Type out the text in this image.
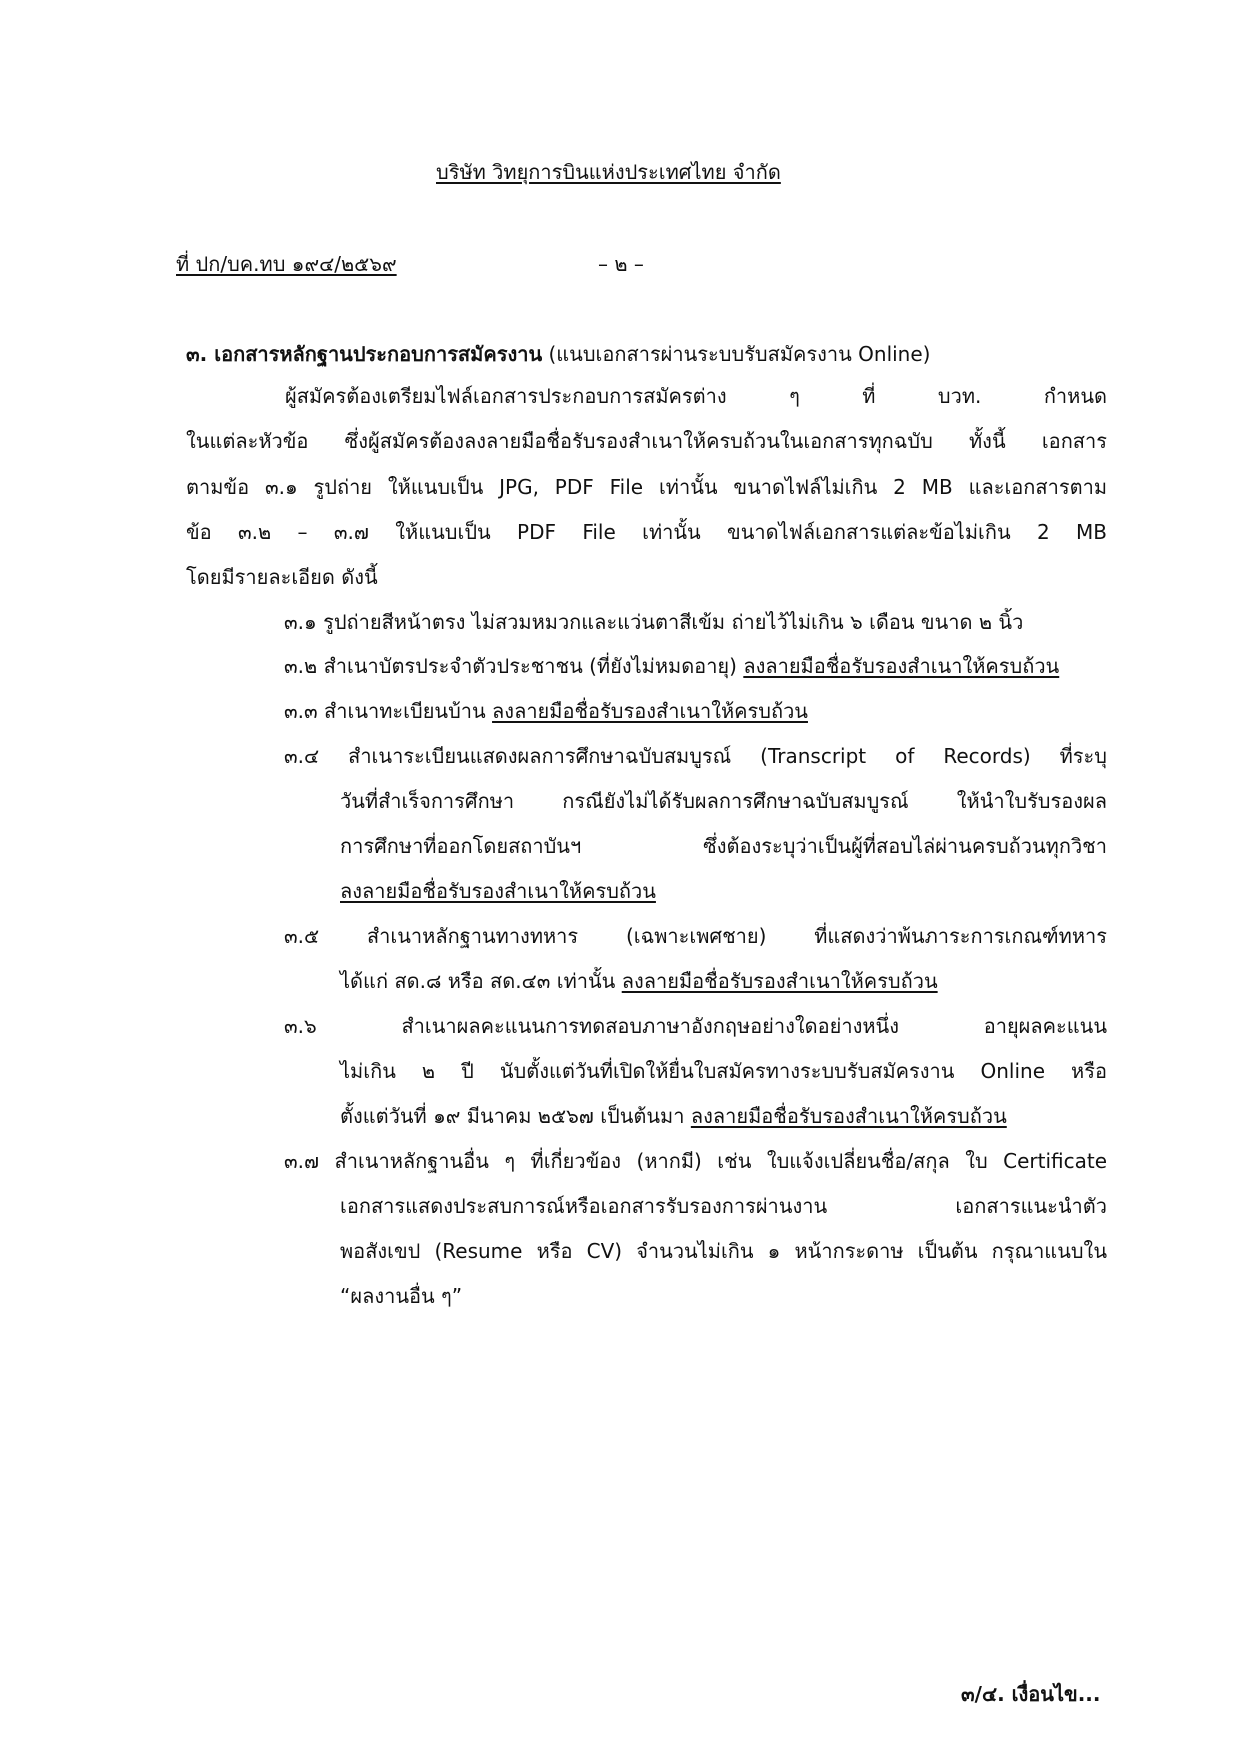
บริษัท วิทยุการบินแห่งประเทศไทย จำกัด
ที่ ปก/บค.ทบ ๑๙๔/๒๕๖๙	– ๒ –
๓. เอกสารหลักฐานประกอบการสมัครงาน (แนบเอกสารผ่านระบบรับสมัครงาน Online)
ผู้สมัครต้องเตรียมไฟล์เอกสารประกอบการสมัครต่าง ๆ ที่ บวท. กำหนด
ในแต่ละหัวข้อ ซึ่งผู้สมัครต้องลงลายมือชื่อรับรองสำเนาให้ครบถ้วนในเอกสารทุกฉบับ ทั้งนี้ เอกสาร
ตามข้อ ๓.๑ รูปถ่าย ให้แนบเป็น JPG, PDF File เท่านั้น ขนาดไฟล์ไม่เกิน 2 MB และเอกสารตาม
ข้อ ๓.๒ – ๓.๗ ให้แนบเป็น PDF File เท่านั้น ขนาดไฟล์เอกสารแต่ละข้อไม่เกิน 2 MB
โดยมีรายละเอียด ดังนี้
๓.๑ รูปถ่ายสีหน้าตรง ไม่สวมหมวกและแว่นตาสีเข้ม ถ่ายไว้ไม่เกิน ๖ เดือน ขนาด ๒ นิ้ว
๓.๒ สำเนาบัตรประจำตัวประชาชน (ที่ยังไม่หมดอายุ) ลงลายมือชื่อรับรองสำเนาให้ครบถ้วน
๓.๓ สำเนาทะเบียนบ้าน ลงลายมือชื่อรับรองสำเนาให้ครบถ้วน
๓.๔ สำเนาระเบียนแสดงผลการศึกษาฉบับสมบูรณ์ (Transcript of Records) ที่ระบุ
วันที่สำเร็จการศึกษา กรณียังไม่ได้รับผลการศึกษาฉบับสมบูรณ์ ให้นำใบรับรองผล
การศึกษาที่ออกโดยสถาบันฯ ซึ่งต้องระบุว่าเป็นผู้ที่สอบไล่ผ่านครบถ้วนทุกวิชา
ลงลายมือชื่อรับรองสำเนาให้ครบถ้วน
๓.๕ สำเนาหลักฐานทางทหาร (เฉพาะเพศชาย) ที่แสดงว่าพ้นภาระการเกณฑ์ทหาร
ได้แก่ สด.๘ หรือ สด.๔๓ เท่านั้น ลงลายมือชื่อรับรองสำเนาให้ครบถ้วน
๓.๖ สำเนาผลคะแนนการทดสอบภาษาอังกฤษอย่างใดอย่างหนึ่ง อายุผลคะแนน
ไม่เกิน ๒ ปี นับตั้งแต่วันที่เปิดให้ยื่นใบสมัครทางระบบรับสมัครงาน Online หรือ
ตั้งแต่วันที่ ๑๙ มีนาคม ๒๕๖๗ เป็นต้นมา ลงลายมือชื่อรับรองสำเนาให้ครบถ้วน
๓.๗ สำเนาหลักฐานอื่น ๆ ที่เกี่ยวข้อง (หากมี) เช่น ใบแจ้งเปลี่ยนชื่อ/สกุล ใบ Certificate
เอกสารแสดงประสบการณ์หรือเอกสารรับรองการผ่านงาน เอกสารแนะนำตัว
พอสังเขป (Resume หรือ CV) จำนวนไม่เกิน ๑ หน้ากระดาษ เป็นต้น กรุณาแนบใน
“ผลงานอื่น ๆ”
๓/๔. เงื่อนไข...
